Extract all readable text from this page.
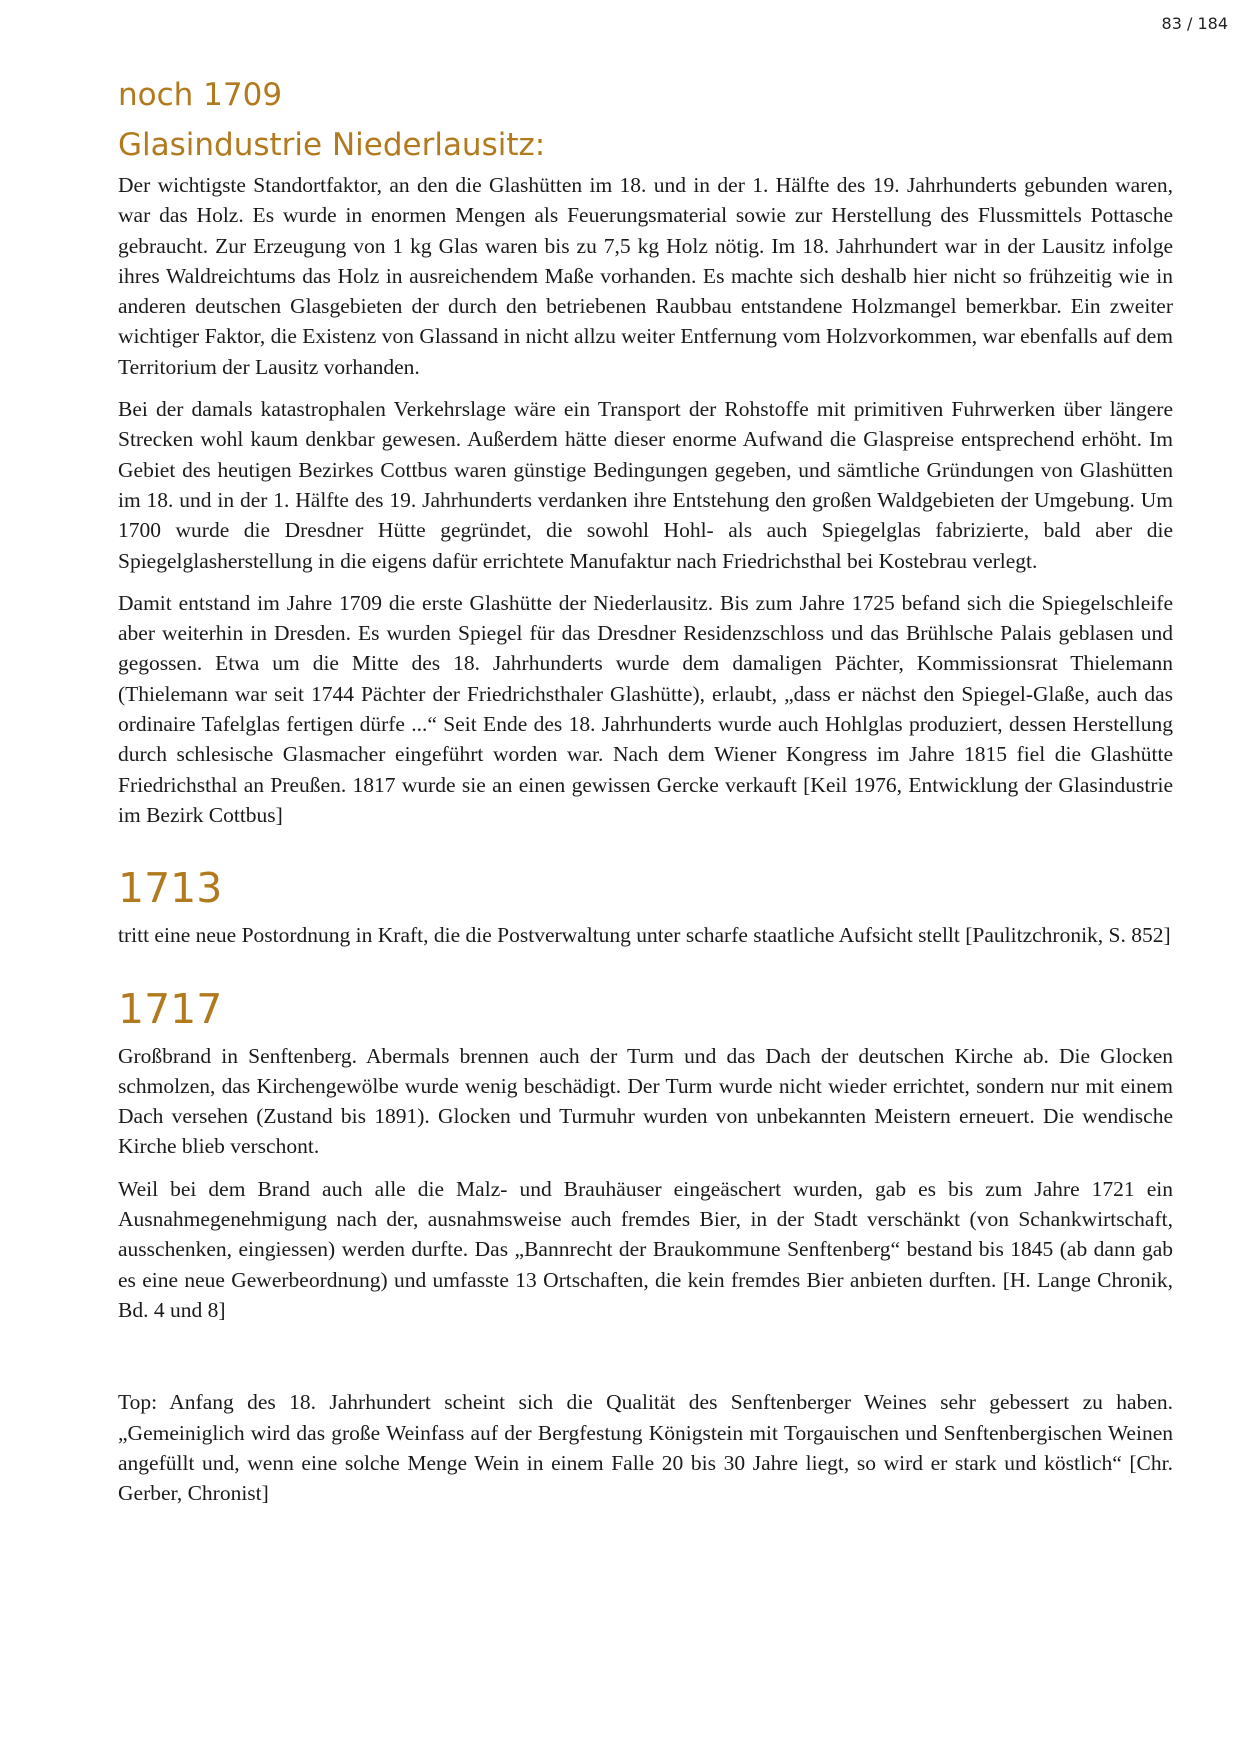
83 / 184
noch 1709
Glasindustrie Niederlausitz:

Der wichtigste Standortfaktor, an den die Glashütten im 18. und in der 1. Hälfte des 19. Jahrhunderts gebunden waren, war das Holz. Es wurde in enormen Mengen als Feuerungsmaterial sowie zur Herstellung des Flussmittels Pottasche gebraucht. Zur Erzeugung von 1 kg Glas waren bis zu 7,5 kg Holz nötig. Im 18. Jahrhundert war in der Lausitz infolge ihres Waldreichtums das Holz in ausreichendem Maße vorhanden. Es machte sich deshalb hier nicht so frühzeitig wie in anderen deutschen Glasgebieten der durch den betriebenen Raubbau entstandene Holzmangel bemerkbar. Ein zweiter wichtiger Faktor, die Existenz von Glassand in nicht allzu weiter Entfernung vom Holzvorkommen, war ebenfalls auf dem Territorium der Lausitz vorhanden.

Bei der damals katastrophalen Verkehrslage wäre ein Transport der Rohstoffe mit primitiven Fuhrwerken über längere Strecken wohl kaum denkbar gewesen. Außerdem hätte dieser enorme Aufwand die Glaspreise entsprechend erhöht. Im Gebiet des heutigen Bezirkes Cottbus waren günstige Bedingungen gegeben, und sämtliche Gründungen von Glashütten im 18. und in der 1. Hälfte des 19. Jahrhunderts verdanken ihre Entstehung den großen Waldgebieten der Umgebung. Um 1700 wurde die Dresdner Hütte gegründet, die sowohl Hohl- als auch Spiegelglas fabrizierte, bald aber die Spiegelglasherstellung in die eigens dafür errichtete Manufaktur nach Friedrichsthal bei Kostebrau verlegt.

Damit entstand im Jahre 1709 die erste Glashütte der Niederlausitz. Bis zum Jahre 1725 befand sich die Spiegelschleife aber weiterhin in Dresden. Es wurden Spiegel für das Dresdner Residenzschloss und das Brühlsche Palais geblasen und gegossen. Etwa um die Mitte des 18. Jahrhunderts wurde dem damaligen Pächter, Kommissionsrat Thielemann (Thielemann war seit 1744 Pächter der Friedrichsthaler Glashütte), erlaubt, „dass er nächst den Spiegel-Glaße, auch das ordinaire Tafelglas fertigen dürfe ...“ Seit Ende des 18. Jahrhunderts wurde auch Hohlglas produziert, dessen Herstellung durch schlesische Glasmacher eingeführt worden war. Nach dem Wiener Kongress im Jahre 1815 fiel die Glashütte Friedrichsthal an Preußen. 1817 wurde sie an einen gewissen Gercke verkauft [Keil 1976, Entwicklung der Glasindustrie im Bezirk Cottbus]

1713

tritt eine neue Postordnung in Kraft, die die Postverwaltung unter scharfe staatliche Aufsicht stellt [Paulitzchronik, S. 852]

1717

Großbrand in Senftenberg. Abermals brennen auch der Turm und das Dach der deutschen Kirche ab. Die Glocken schmolzen, das Kirchengewölbe wurde wenig beschädigt. Der Turm wurde nicht wieder errichtet, sondern nur mit einem Dach versehen (Zustand bis 1891). Glocken und Turmuhr wurden von unbekannten Meistern erneuert. Die wendische Kirche blieb verschont.

Weil bei dem Brand auch alle die Malz- und Brauhäuser eingeäschert wurden, gab es bis zum Jahre 1721 ein Ausnahmegenehmigung nach der, ausnahmsweise auch fremdes Bier, in der Stadt verschänkt (von Schankwirtschaft, ausschenken, eingiessen) werden durfte. Das „Bannrecht der Braukommune Senftenberg“ bestand bis 1845 (ab dann gab es eine neue Gewerbeordnung) und umfasste 13 Ortschaften, die kein fremdes Bier anbieten durften. [H. Lange Chronik, Bd. 4 und 8]

Top: Anfang des 18. Jahrhundert scheint sich die Qualität des Senftenberger Weines sehr gebessert zu haben. „Gemeiniglich wird das große Weinfass auf der Bergfestung Königstein mit Torgauischen und Senftenbergischen Weinen angefüllt und, wenn eine solche Menge Wein in einem Falle 20 bis 30 Jahre liegt, so wird er stark und köstlich“ [Chr. Gerber, Chronist]
